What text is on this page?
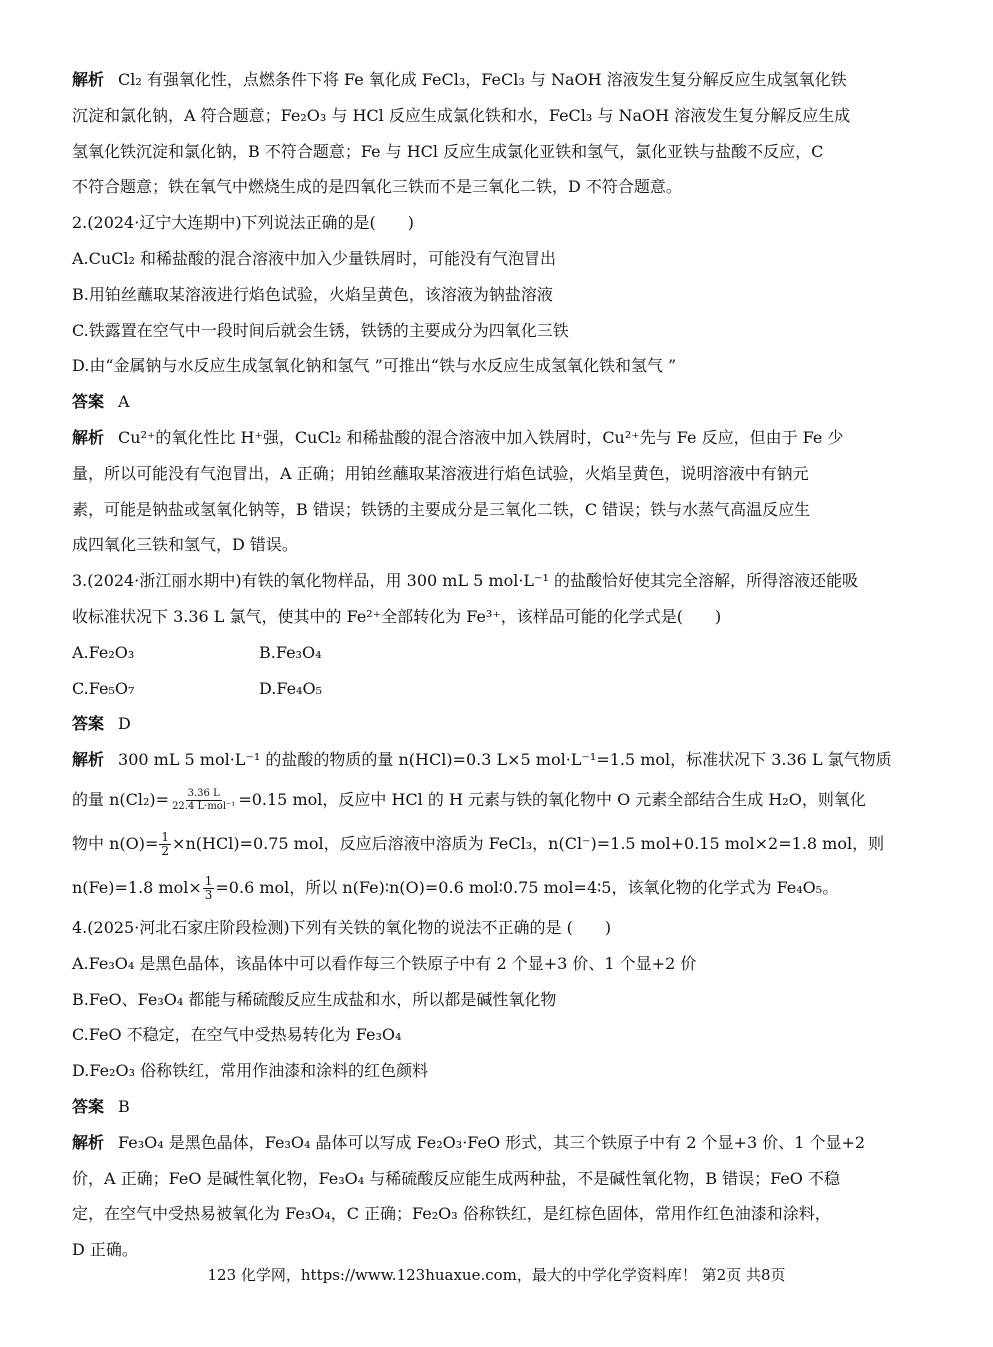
解析 Cl₂ 有强氧化性，点燃条件下将 Fe 氧化成 FeCl₃，FeCl₃ 与 NaOH 溶液发生复分解反应生成氢氧化铁
沉淀和氯化钠，A 符合题意；Fe₂O₃ 与 HCl 反应生成氯化铁和水，FeCl₃ 与 NaOH 溶液发生复分解反应生成
氢氧化铁沉淀和氯化钠，B 不符合题意；Fe 与 HCl 反应生成氯化亚铁和氢气，氯化亚铁与盐酸不反应，C
不符合题意；铁在氧气中燃烧生成的是四氧化三铁而不是三氧化二铁，D 不符合题意。
2.(2024·辽宁大连期中)下列说法正确的是(　　)
A.CuCl₂ 和稀盐酸的混合溶液中加入少量铁屑时，可能没有气泡冒出
B.用铂丝蘸取某溶液进行焰色试验，火焰呈黄色，该溶液为钠盐溶液
C.铁露置在空气中一段时间后就会生锈，铁锈的主要成分为四氧化三铁
D.由“金属钠与水反应生成氢氧化钠和氢气 ”可推出“铁与水反应生成氢氧化铁和氢气 ”
答案 A
解析 Cu²⁺的氧化性比 H⁺强，CuCl₂ 和稀盐酸的混合溶液中加入铁屑时，Cu²⁺先与 Fe 反应，但由于 Fe 少
量，所以可能没有气泡冒出，A 正确；用铂丝蘸取某溶液进行焰色试验，火焰呈黄色，说明溶液中有钠元
素，可能是钠盐或氢氧化钠等，B 错误；铁锈的主要成分是三氧化二铁，C 错误；铁与水蒸气高温反应生
成四氧化三铁和氢气，D 错误。
3.(2024·浙江丽水期中)有铁的氧化物样品，用 300 mL 5 mol·L⁻¹ 的盐酸恰好使其完全溶解，所得溶液还能吸
收标准状况下 3.36 L 氯气，使其中的 Fe²⁺全部转化为 Fe³⁺，该样品可能的化学式是(　　)
A.Fe₂O₃	B.Fe₃O₄
C.Fe₅O₇	D.Fe₄O₅
答案 D
解析 300 mL 5 mol·L⁻¹ 的盐酸的物质的量 n(HCl)=0.3 L×5 mol·L⁻¹=1.5 mol，标准状况下 3.36 L 氯气物质
的量 $n(Cl_2)= \frac{3.36 L}{\text{22.4 L·mol⁻¹}} =0.15$ mol，反应中 HCl 的 H 元素与铁的氧化物中 O 元素全部结合生成 H₂O，则氧化
物中 $n(O)= \frac{1}{2} \times n(HCl)=0.75$ mol，反应后溶液中溶质为 FeCl₃，n(Cl⁻)=1.5 mol+0.15 mol×2=1.8 mol，则
n(Fe)=1.8 $mol\times \frac{1}{3} =0.6$ mol，所以 n(Fe)∶n(O)=0.6 mol∶0.75 mol=4∶5，该氧化物的化学式为 Fe₄O₅。
4.(2025·河北石家庄阶段检测)下列有关铁的氧化物的说法不正确的是 (　　)
A.Fe₃O₄ 是黑色晶体，该晶体中可以看作每三个铁原子中有 2 个显+3 价、1 个显+2 价
B.FeO、Fe₃O₄ 都能与稀硫酸反应生成盐和水，所以都是碱性氧化物
C.FeO 不稳定，在空气中受热易转化为 Fe₃O₄
D.Fe₂O₃ 俗称铁红，常用作油漆和涂料的红色颜料
答案 B
解析 Fe₃O₄ 是黑色晶体，Fe₃O₄ 晶体可以写成 Fe₂O₃·FeO 形式，其三个铁原子中有 2 个显+3 价、1 个显+2
价，A 正确；FeO 是碱性氧化物，Fe₃O₄ 与稀硫酸反应能生成两种盐，不是碱性氧化物，B 错误；FeO 不稳
定，在空气中受热易被氧化为 Fe₃O₄，C 正确；Fe₂O₃ 俗称铁红，是红棕色固体，常用作红色油漆和涂料，
D 正确。
123 化学网，https://www.123huaxue.com，最大的中学化学资料库！ 第2页 共8页
